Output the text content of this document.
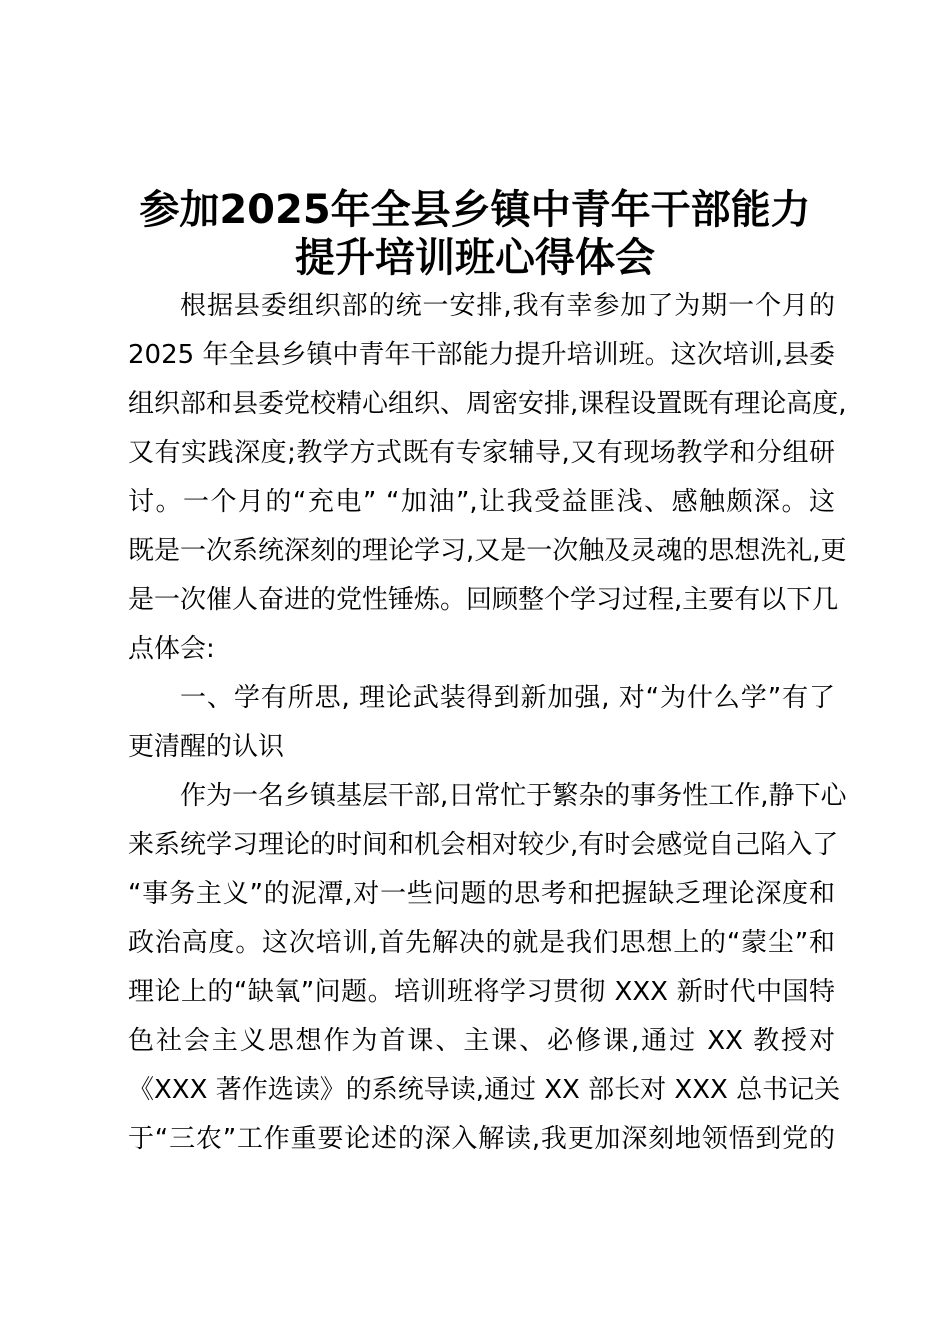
参加2025年全县乡镇中青年干部能力
提升培训班心得体会
根据县委组织部的统一安排,我有幸参加了为期一个月的
2025 年全县乡镇中青年干部能力提升培训班。这次培训,县委
组织部和县委党校精心组织、周密安排,课程设置既有理论高度,
又有实践深度;教学方式既有专家辅导,又有现场教学和分组研
讨。一个月的“充电” “加油”,让我受益匪浅、感触颇深。这
既是一次系统深刻的理论学习,又是一次触及灵魂的思想洗礼,更
是一次催人奋进的党性锤炼。回顾整个学习过程,主要有以下几
点体会:
一、学有所思, 理论武装得到新加强, 对“为什么学”有了
更清醒的认识
作为一名乡镇基层干部,日常忙于繁杂的事务性工作,静下心
来系统学习理论的时间和机会相对较少,有时会感觉自己陷入了
“事务主义”的泥潭,对一些问题的思考和把握缺乏理论深度和
政治高度。这次培训,首先解决的就是我们思想上的“蒙尘”和
理论上的“缺氧”问题。培训班将学习贯彻 XXX 新时代中国特
色社会主义思想作为首课、主课、必修课,通过 XX 教授对
《XXX 著作选读》的系统导读,通过 XX 部长对 XXX 总书记关
于“三农”工作重要论述的深入解读,我更加深刻地领悟到党的
